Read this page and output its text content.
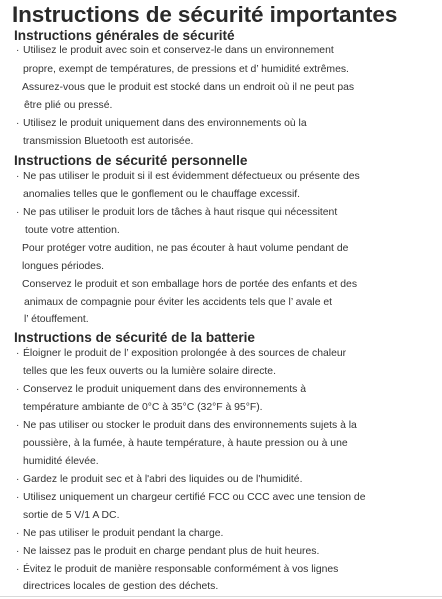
Instructions de sécurité importantes
Instructions générales de sécurité
· Utilisez le produit avec soin et conservez-le dans un environnement
propre, exempt de températures, de pressions et d’ humidité extrêmes.
Assurez-vous que le produit est stocké dans un endroit où il ne peut pas
être plié ou pressé.
· Utilisez le produit uniquement dans des environnements où la
transmission Bluetooth est autorisée.
Instructions de sécurité personnelle
· Ne pas utiliser le produit si il est évidemment défectueux ou présente des
anomalies telles que le gonflement ou le chauffage excessif.
· Ne pas utiliser le produit lors de tâches à haut risque qui nécessitent
toute votre attention.
Pour protéger votre audition, ne pas écouter à haut volume pendant de
longues périodes.
Conservez le produit et son emballage hors de portée des enfants et des
animaux de compagnie pour éviter les accidents tels que l’ avale et
l’ étouffement.
Instructions de sécurité de la batterie
· Éloigner le produit de l’ exposition prolongée à des sources de chaleur
telles que les feux ouverts ou la lumière solaire directe.
· Conservez le produit uniquement dans des environnements à
température ambiante de 0°C à 35°C (32°F à 95°F).
· Ne pas utiliser ou stocker le produit dans des environnements sujets à la
poussière, à la fumée, à haute température, à haute pression ou à une
humidité élevée.
· Gardez le produit sec et à l'abri des liquides ou de l'humidité.
· Utilisez uniquement un chargeur certifié FCC ou CCC avec une tension de
sortie de 5 V/1 A DC.
· Ne pas utiliser le produit pendant la charge.
· Ne laissez pas le produit en charge pendant plus de huit heures.
· Évitez le produit de manière responsable conformément à vos lignes
directrices locales de gestion des déchets.
